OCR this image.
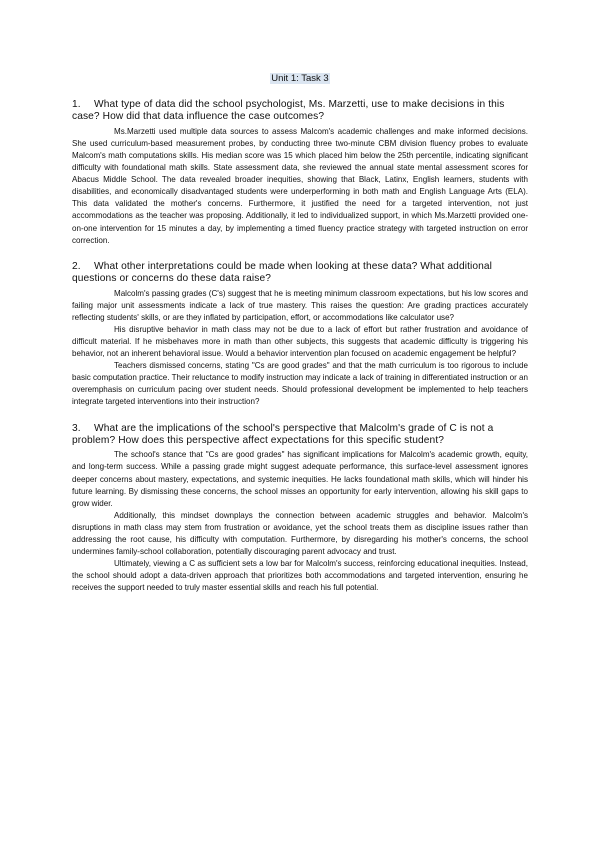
Unit 1: Task 3
1. What type of data did the school psychologist, Ms. Marzetti, use to make decisions in this case? How did that data influence the case outcomes?

Ms.Marzetti used multiple data sources to assess Malcom's academic challenges and make informed decisions. She used curriculum-based measurement probes, by conducting three two-minute CBM division fluency probes to evaluate Malcom's math computations skills. His median score was 15 which placed him below the 25th percentile, indicating significant difficulty with foundational math skills. State assessment data, she reviewed the annual state mental assessment scores for Abacus Middle School. The data revealed broader inequities, showing that Black, Latinx, English learners, students with disabilities, and economically disadvantaged students were underperforming in both math and English Language Arts (ELA). This data validated the mother's concerns. Furthermore, it justified the need for a targeted intervention, not just accommodations as the teacher was proposing. Additionally, it led to individualized support, in which Ms.Marzetti provided one-on-one intervention for 15 minutes a day, by implementing a timed fluency practice strategy with targeted instruction on error correction.

2. What other interpretations could be made when looking at these data? What additional questions or concerns do these data raise?

Malcolm's passing grades (C's) suggest that he is meeting minimum classroom expectations, but his low scores and failing major unit assessments indicate a lack of true mastery. This raises the question: Are grading practices accurately reflecting students' skills, or are they inflated by participation, effort, or accommodations like calculator use?

His disruptive behavior in math class may not be due to a lack of effort but rather frustration and avoidance of difficult material. If he misbehaves more in math than other subjects, this suggests that academic difficulty is triggering his behavior, not an inherent behavioral issue. Would a behavior intervention plan focused on academic engagement be helpful?

Teachers dismissed concerns, stating "Cs are good grades" and that the math curriculum is too rigorous to include basic computation practice. Their reluctance to modify instruction may indicate a lack of training in differentiated instruction or an overemphasis on curriculum pacing over student needs. Should professional development be implemented to help teachers integrate targeted interventions into their instruction?

3. What are the implications of the school's perspective that Malcolm's grade of C is not a problem? How does this perspective affect expectations for this specific student?

The school's stance that "Cs are good grades" has significant implications for Malcolm's academic growth, equity, and long-term success. While a passing grade might suggest adequate performance, this surface-level assessment ignores deeper concerns about mastery, expectations, and systemic inequities. He lacks foundational math skills, which will hinder his future learning. By dismissing these concerns, the school misses an opportunity for early intervention, allowing his skill gaps to grow wider.

Additionally, this mindset downplays the connection between academic struggles and behavior. Malcolm's disruptions in math class may stem from frustration or avoidance, yet the school treats them as discipline issues rather than addressing the root cause, his difficulty with computation. Furthermore, by disregarding his mother's concerns, the school undermines family-school collaboration, potentially discouraging parent advocacy and trust.

Ultimately, viewing a C as sufficient sets a low bar for Malcolm's success, reinforcing educational inequities. Instead, the school should adopt a data-driven approach that prioritizes both accommodations and targeted intervention, ensuring he receives the support needed to truly master essential skills and reach his full potential.
